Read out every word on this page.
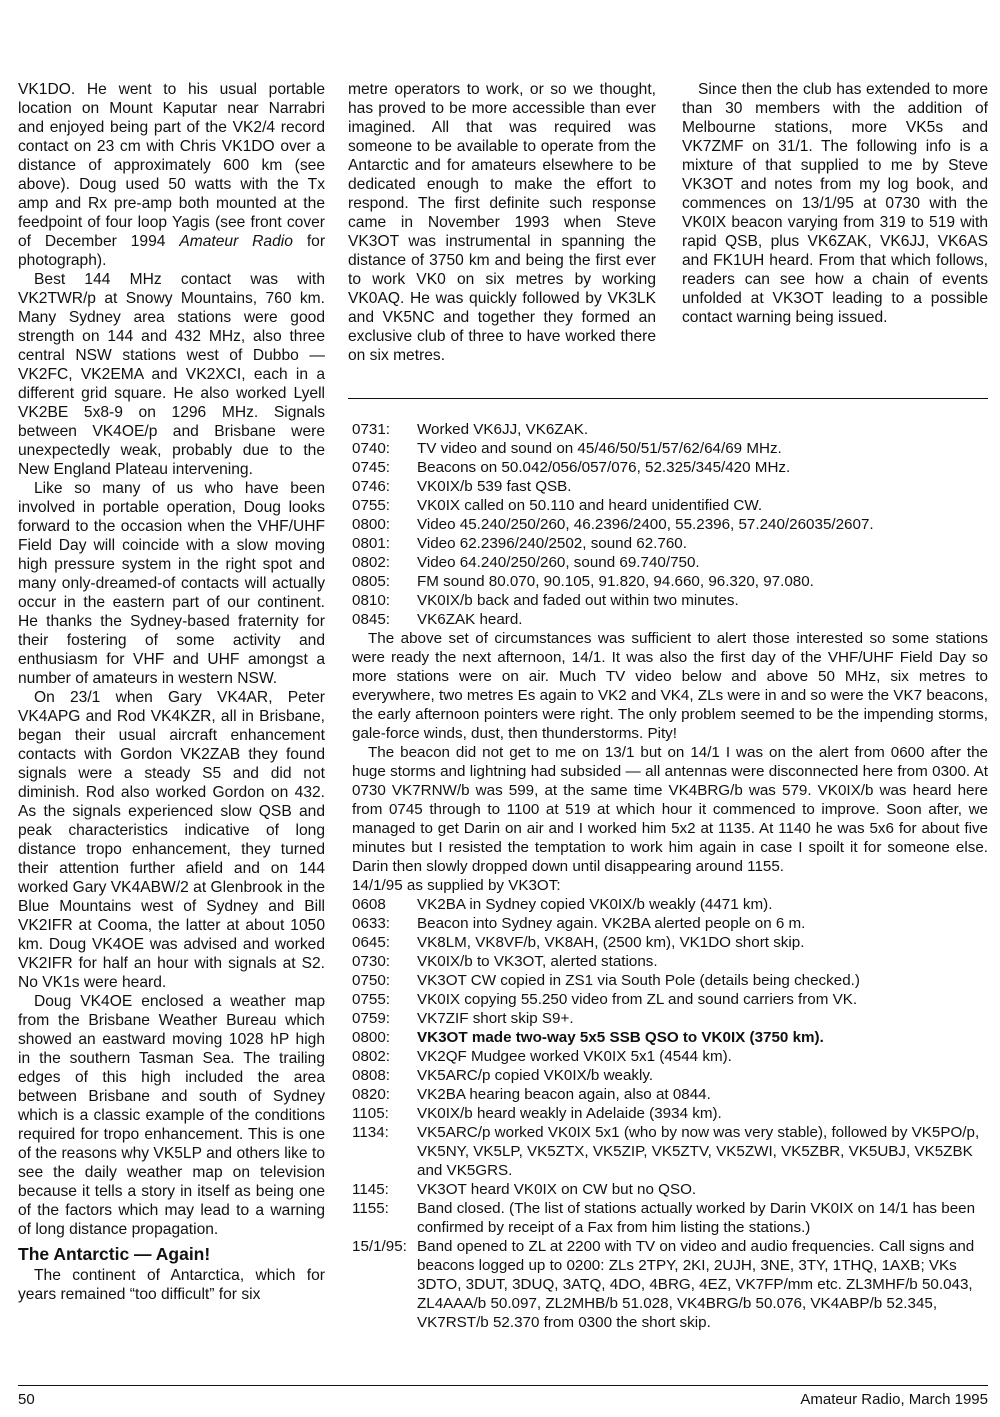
VK1DO. He went to his usual portable location on Mount Kaputar near Narrabri and enjoyed being part of the VK2/4 record contact on 23 cm with Chris VK1DO over a distance of approximately 600 km (see above). Doug used 50 watts with the Tx amp and Rx pre-amp both mounted at the feedpoint of four loop Yagis (see front cover of December 1994 Amateur Radio for photograph).

Best 144 MHz contact was with VK2TWR/p at Snowy Mountains, 760 km. Many Sydney area stations were good strength on 144 and 432 MHz, also three central NSW stations west of Dubbo — VK2FC, VK2EMA and VK2XCI, each in a different grid square. He also worked Lyell VK2BE 5x8-9 on 1296 MHz. Signals between VK4OE/p and Brisbane were unexpectedly weak, probably due to the New England Plateau intervening.

Like so many of us who have been involved in portable operation, Doug looks forward to the occasion when the VHF/UHF Field Day will coincide with a slow moving high pressure system in the right spot and many only-dreamed-of contacts will actually occur in the eastern part of our continent. He thanks the Sydney-based fraternity for their fostering of some activity and enthusiasm for VHF and UHF amongst a number of amateurs in western NSW.

On 23/1 when Gary VK4AR, Peter VK4APG and Rod VK4KZR, all in Brisbane, began their usual aircraft enhancement contacts with Gordon VK2ZAB they found signals were a steady S5 and did not diminish. Rod also worked Gordon on 432. As the signals experienced slow QSB and peak characteristics indicative of long distance tropo enhancement, they turned their attention further afield and on 144 worked Gary VK4ABW/2 at Glenbrook in the Blue Mountains west of Sydney and Bill VK2IFR at Cooma, the latter at about 1050 km. Doug VK4OE was advised and worked VK2IFR for half an hour with signals at S2. No VK1s were heard.

Doug VK4OE enclosed a weather map from the Brisbane Weather Bureau which showed an eastward moving 1028 hP high in the southern Tasman Sea. The trailing edges of this high included the area between Brisbane and south of Sydney which is a classic example of the conditions required for tropo enhancement. This is one of the reasons why VK5LP and others like to see the daily weather map on television because it tells a story in itself as being one of the factors which may lead to a warning of long distance propagation.

The Antarctic — Again!

The continent of Antarctica, which for years remained “too difficult” for six

metre operators to work, or so we thought, has proved to be more accessible than ever imagined. All that was required was someone to be available to operate from the Antarctic and for amateurs elsewhere to be dedicated enough to make the effort to respond. The first definite such response came in November 1993 when Steve VK3OT was instrumental in spanning the distance of 3750 km and being the first ever to work VK0 on six metres by working VK0AQ. He was quickly followed by VK3LK and VK5NC and together they formed an exclusive club of three to have worked there on six metres.

Since then the club has extended to more than 30 members with the addition of Melbourne stations, more VK5s and VK7ZMF on 31/1. The following info is a mixture of that supplied to me by Steve VK3OT and notes from my log book, and commences on 13/1/95 at 0730 with the VK0IX beacon varying from 319 to 519 with rapid QSB, plus VK6ZAK, VK6JJ, VK6AS and FK1UH heard. From that which follows, readers can see how a chain of events unfolded at VK3OT leading to a possible contact warning being issued.

0731:	Worked VK6JJ, VK6ZAK.
0740:	TV video and sound on 45/46/50/51/57/62/64/69 MHz.
0745:	Beacons on 50.042/056/057/076, 52.325/345/420 MHz.
0746:	VK0IX/b 539 fast QSB.
0755:	VK0IX called on 50.110 and heard unidentified CW.
0800:	Video 45.240/250/260, 46.2396/2400, 55.2396, 57.240/26035/2607.
0801:	Video 62.2396/240/2502, sound 62.760.
0802:	Video 64.240/250/260, sound 69.740/750.
0805:	FM sound 80.070, 90.105, 91.820, 94.660, 96.320, 97.080.
0810:	VK0IX/b back and faded out within two minutes.
0845:	VK6ZAK heard.

The above set of circumstances was sufficient to alert those interested so some stations were ready the next afternoon, 14/1. It was also the first day of the VHF/UHF Field Day so more stations were on air. Much TV video below and above 50 MHz, six metres to everywhere, two metres Es again to VK2 and VK4, ZLs were in and so were the VK7 beacons, the early afternoon pointers were right. The only problem seemed to be the impending storms, gale-force winds, dust, then thunderstorms. Pity!

The beacon did not get to me on 13/1 but on 14/1 I was on the alert from 0600 after the huge storms and lightning had subsided — all antennas were disconnected here from 0300. At 0730 VK7RNW/b was 599, at the same time VK4BRG/b was 579. VK0IX/b was heard here from 0745 through to 1100 at 519 at which hour it commenced to improve. Soon after, we managed to get Darin on air and I worked him 5x2 at 1135. At 1140 he was 5x6 for about five minutes but I resisted the temptation to work him again in case I spoilt it for someone else. Darin then slowly dropped down until disappearing around 1155.

14/1/95 as supplied by VK3OT:
0608	VK2BA in Sydney copied VK0IX/b weakly (4471 km).
0633:	Beacon into Sydney again. VK2BA alerted people on 6 m.
0645:	VK8LM, VK8VF/b, VK8AH, (2500 km), VK1DO short skip.
0730:	VK0IX/b to VK3OT, alerted stations.
0750:	VK3OT CW copied in ZS1 via South Pole (details being checked.)
0755:	VK0IX copying 55.250 video from ZL and sound carriers from VK.
0759:	VK7ZIF short skip S9+.
0800:	VK3OT made two-way 5x5 SSB QSO to VK0IX (3750 km).
0802:	VK2QF Mudgee worked VK0IX 5x1 (4544 km).
0808:	VK5ARC/p copied VK0IX/b weakly.
0820:	VK2BA hearing beacon again, also at 0844.
1105:	VK0IX/b heard weakly in Adelaide (3934 km).
1134:	VK5ARC/p worked VK0IX 5x1 (who by now was very stable), followed by VK5PO/p, VK5NY, VK5LP, VK5ZTX, VK5ZIP, VK5ZTV, VK5ZWI, VK5ZBR, VK5UBJ, VK5ZBK and VK5GRS.
1145:	VK3OT heard VK0IX on CW but no QSO.
1155:	Band closed. (The list of stations actually worked by Darin VK0IX on 14/1 has been confirmed by receipt of a Fax from him listing the stations.)
15/1/95: Band opened to ZL at 2200 with TV on video and audio frequencies. Call signs and beacons logged up to 0200: ZLs 2TPY, 2KI, 2UJH, 3NE, 3TY, 1THQ, 1AXB; VKs 3DTO, 3DUT, 3DUQ, 3ATQ, 4DO, 4BRG, 4EZ, VK7FP/mm etc. ZL3MHF/b 50.043, ZL4AAA/b 50.097, ZL2MHB/b 51.028, VK4BRG/b 50.076, VK4ABP/b 52.345, VK7RST/b 52.370 from 0300 the short skip.
50	Amateur Radio, March 1995
